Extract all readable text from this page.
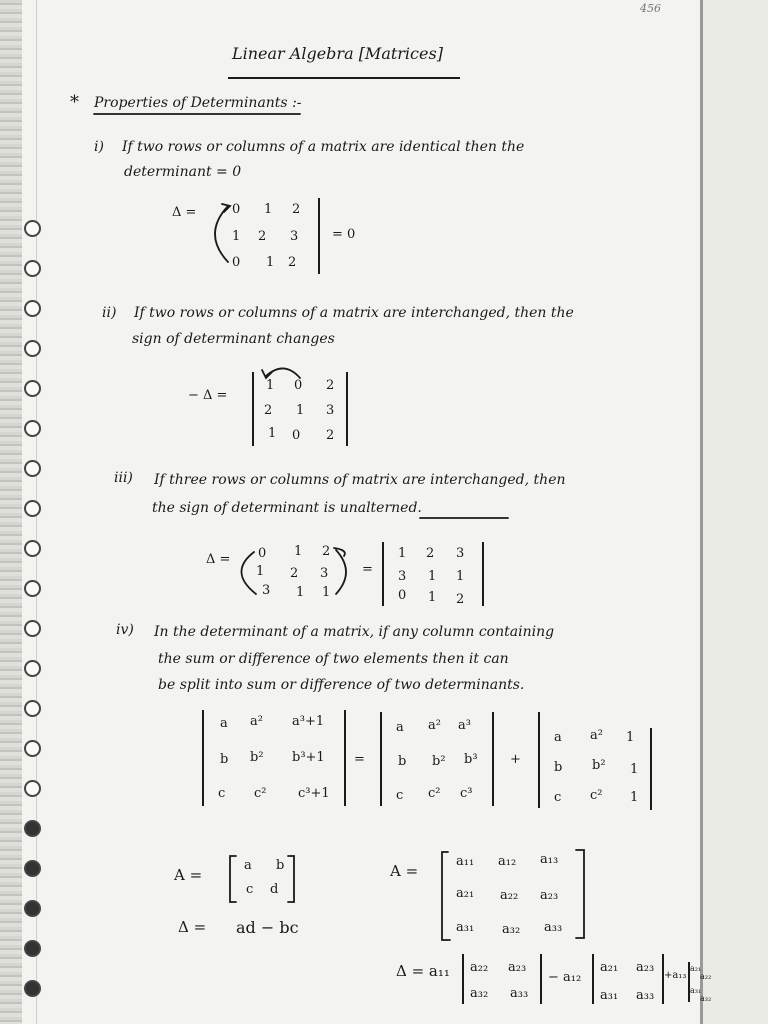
456
Linear Algebra [Matrices]
* Properties of Determinants :-
i) If two rows or columns of a matrix are identical then the
determinant = 0
Δ =	0 1 2
1 2 3
0 1 2
= 0
ii) If two rows or columns of a matrix are interchanged, then the
sign of determinant changes
− Δ =
1 0 2
2 1 3
1 0 2
iii) If three rows or columns of matrix are interchanged, then
the sign of determinant is unalterned.
Δ = 0 1 2
1 2 3
3 1 1
=
1 2 3
3 1 1
0 1 2
iv) In the determinant of a matrix, if any column containing
the sum or difference of two elements then it can
be split into sum or difference of two determinants.
a a² a³+1
b b² b³+1
c c² c³+1
=
a a² a³
b b² b³
c c² c³
+
a a² 1
b b² 1
c c² 1
A =
a b
c d
Δ = ad − bc
A =
a₁₁ a₁₂ a₁₃
a₂₁ a₂₂ a₂₃
a₃₁ a₃₂ a₃₃
Δ = a₁₁ a₂₂ a₂₃
a₃₂ a₃₃
− a₁₂
a₂₁ a₂₃
a₃₁ a₃₃
+a₁₃
a₂₁
a₂₂
a₃₁
a₃₂
